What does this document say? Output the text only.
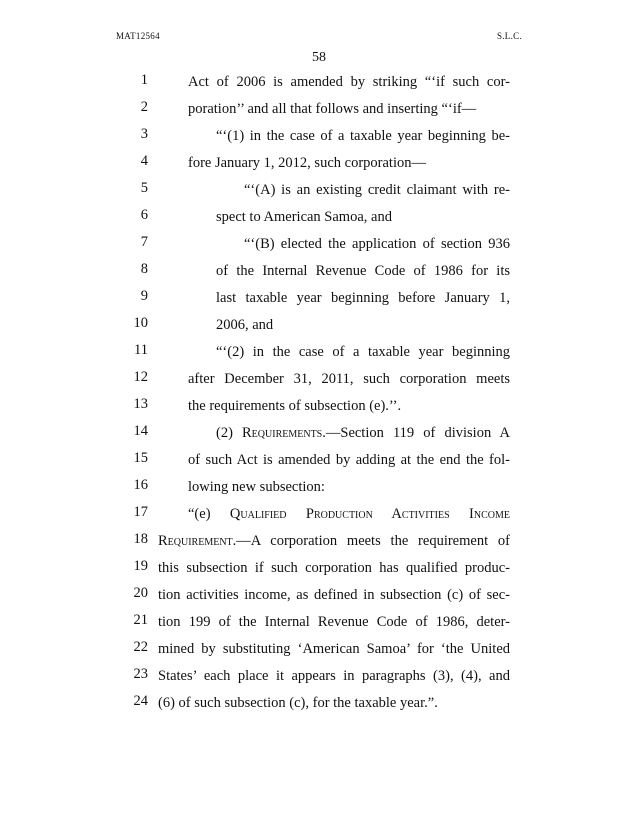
MAT12564	S.L.C.
58
1	Act of 2006 is amended by striking “‘if such cor-
2	poration’’ and all that follows and inserting “‘if—
3	“‘(1) in the case of a taxable year beginning be-
4	fore January 1, 2012, such corporation—
5	“‘(A) is an existing credit claimant with re-
6	spect to American Samoa, and
7	“‘(B) elected the application of section 936
8	of the Internal Revenue Code of 1986 for its
9	last taxable year beginning before January 1,
10	2006, and
11	“‘(2) in the case of a taxable year beginning
12	after December 31, 2011, such corporation meets
13	the requirements of subsection (e).’’.
14	(2) Requirements.—Section 119 of division A
15	of such Act is amended by adding at the end the fol-
16	lowing new subsection:
17	“(e) Qualified Production Activities Income
18 Requirement.—A corporation meets the requirement of
19 this subsection if such corporation has qualified produc-
20 tion activities income, as defined in subsection (c) of sec-
21 tion 199 of the Internal Revenue Code of 1986, deter-
22 mined by substituting ‘American Samoa’ for ‘the United
23 States’ each place it appears in paragraphs (3), (4), and
24 (6) of such subsection (c), for the taxable year.”.
